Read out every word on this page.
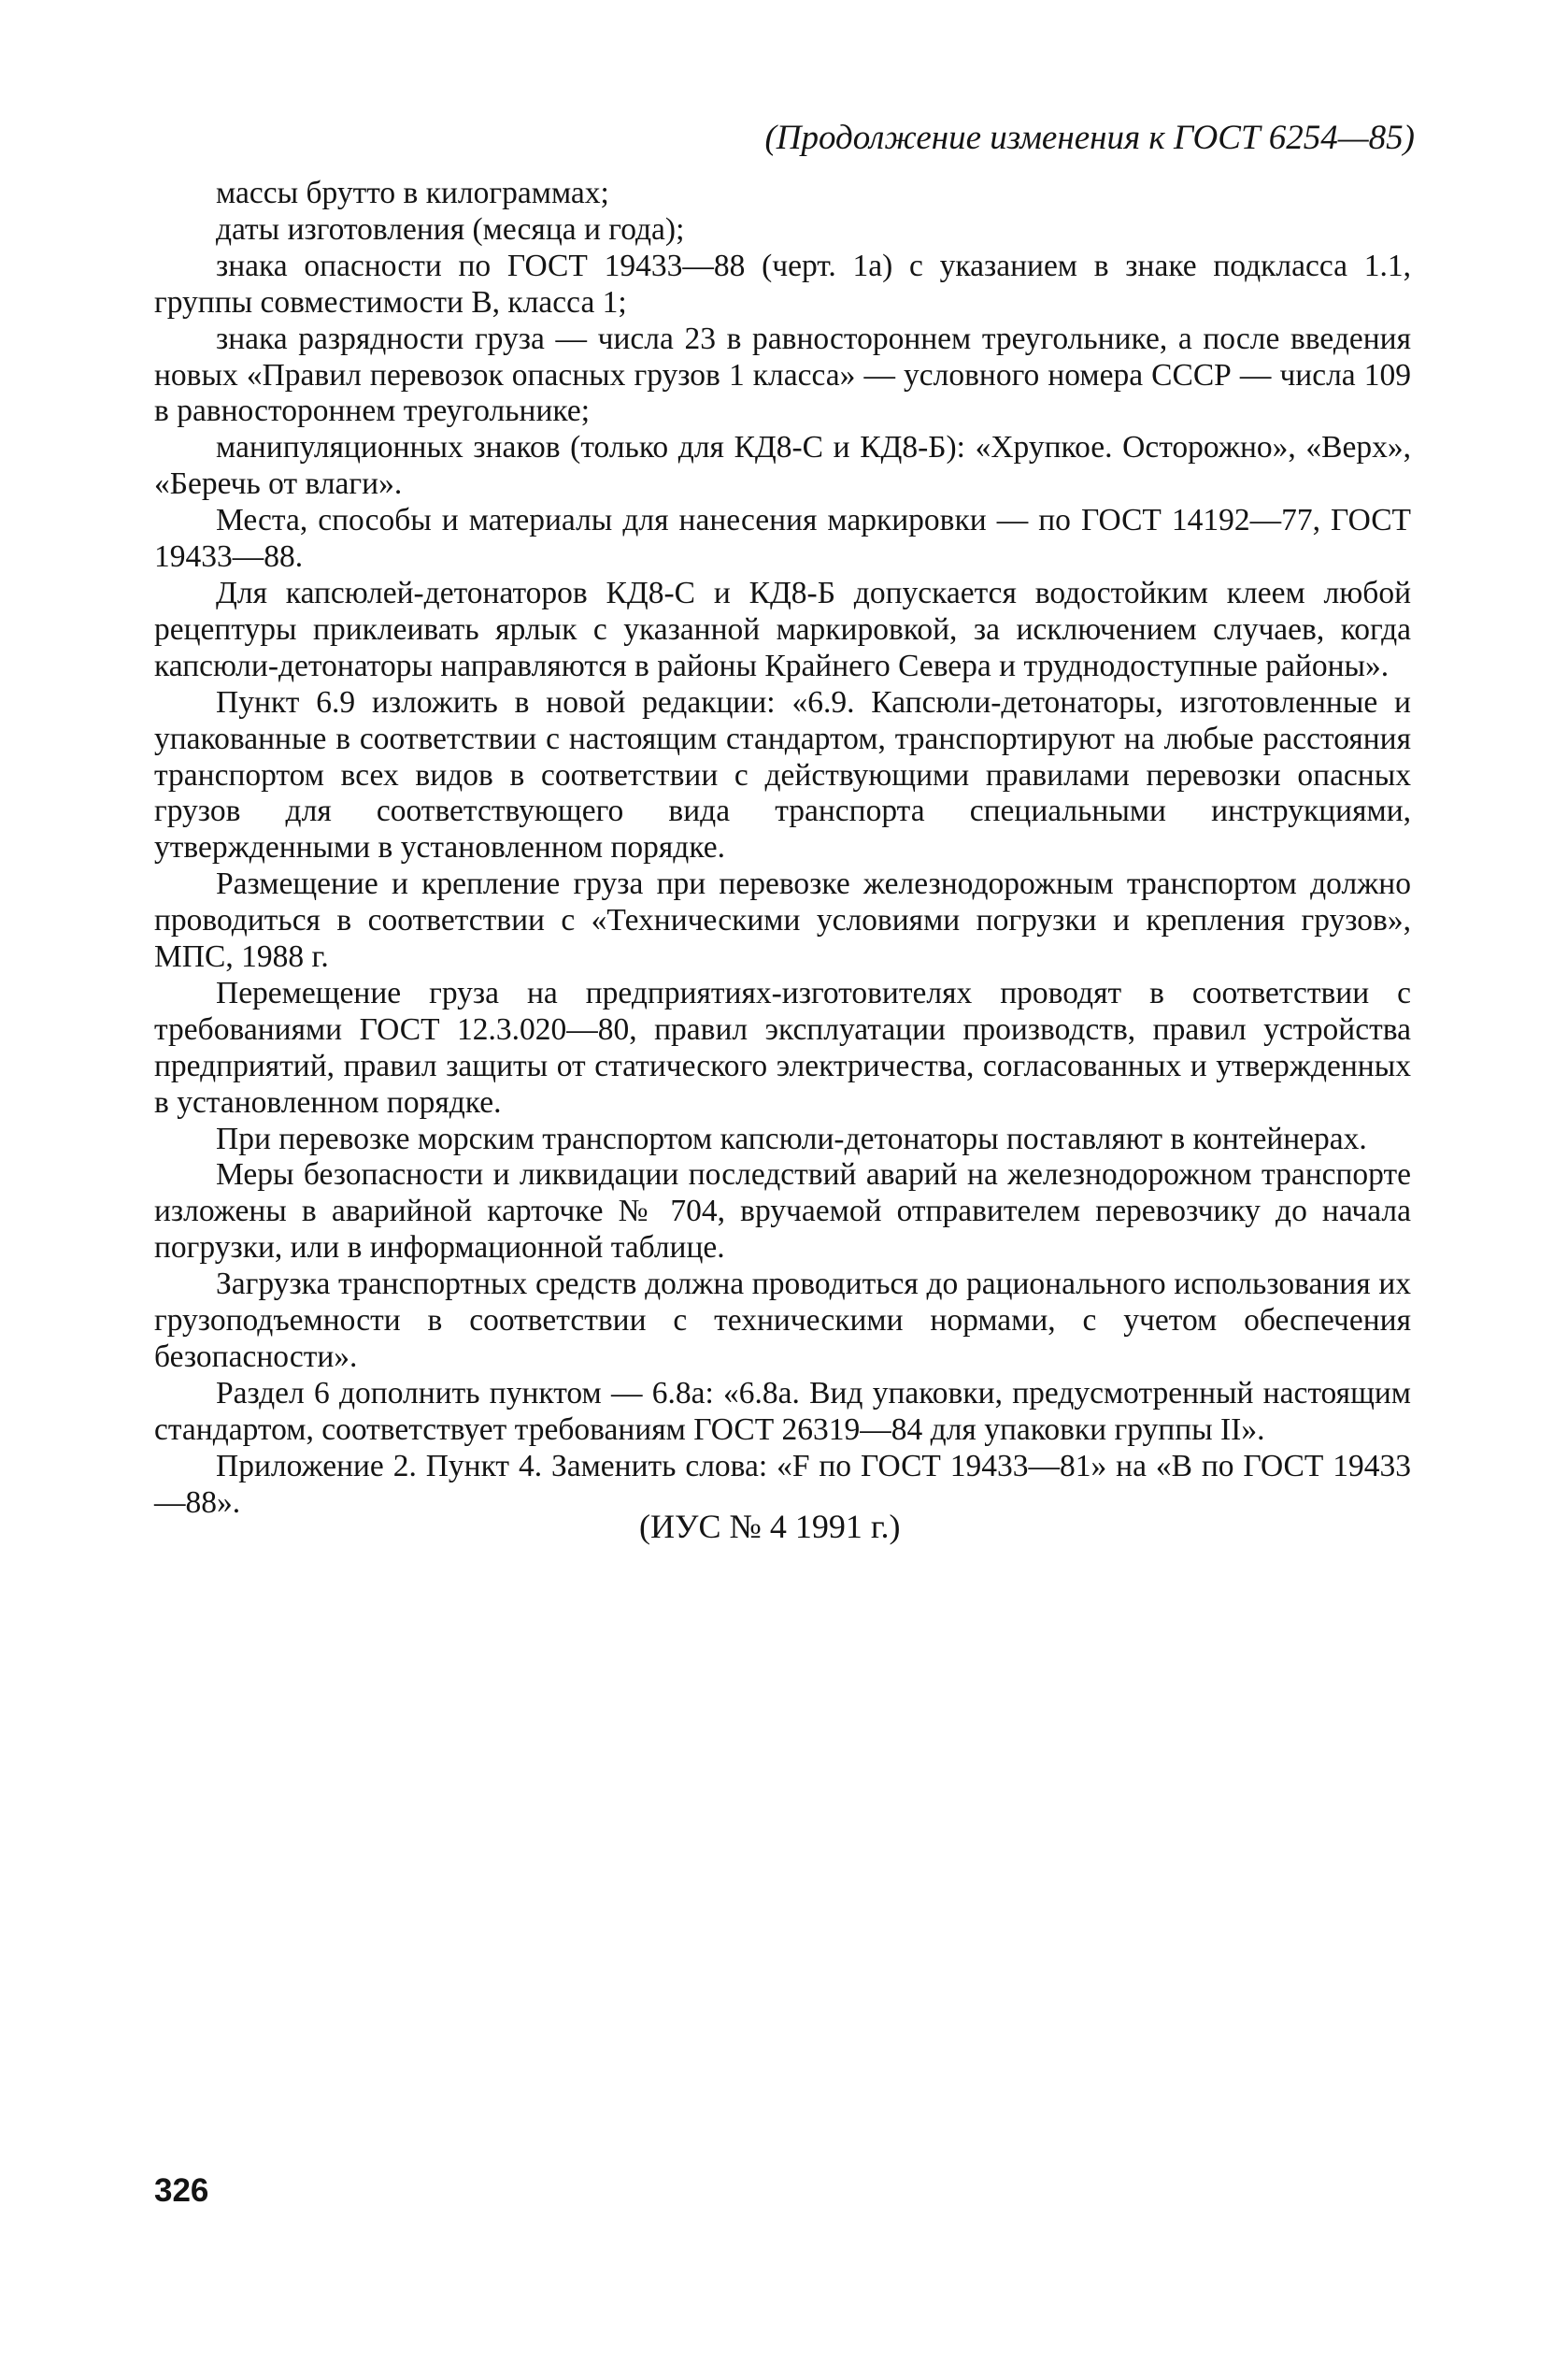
(Продолжение изменения к ГОСТ 6254—85)

массы брутто в килограммах;

даты изготовления (месяца и года);

знака опасности по ГОСТ 19433—88 (черт. 1а) с указанием в знаке подкласса 1.1, группы совместимости В, класса 1;

знака разрядности груза — числа 23 в равностороннем треугольнике, а после введения новых «Правил перевозок опасных грузов 1 класса» — условного номера СССР — числа 109 в равностороннем треугольнике;

манипуляционных знаков (только для КД8-С и КД8-Б): «Хрупкое. Осторожно», «Верх», «Беречь от влаги».

Места, способы и материалы для нанесения маркировки — по ГОСТ 14192—77, ГОСТ 19433—88.

Для капсюлей-детонаторов КД8-С и КД8-Б допускается водостойким клеем любой рецептуры приклеивать ярлык с указанной маркировкой, за исключением случаев, когда капсюли-детонаторы направляются в районы Крайнего Севера и труднодоступные районы».

Пункт 6.9 изложить в новой редакции: «6.9. Капсюли-детонаторы, изготовленные и упакованные в соответствии с настоящим стандартом, транспортируют на любые расстояния транспортом всех видов в соответствии с действующими правилами перевозки опасных грузов для соответствующего вида транспорта специальными инструкциями, утвержденными в установленном порядке.

Размещение и крепление груза при перевозке железнодорожным транспортом должно проводиться в соответствии с «Техническими условиями погрузки и крепления грузов», МПС, 1988 г.

Перемещение груза на предприятиях-изготовителях проводят в соответствии с требованиями ГОСТ 12.3.020—80, правил эксплуатации производств, правил устройства предприятий, правил защиты от статического электричества, согласованных и утвержденных в установленном порядке.

При перевозке морским транспортом капсюли-детонаторы поставляют в контейнерах.

Меры безопасности и ликвидации последствий аварий на железнодорожном транспорте изложены в аварийной карточке № 704, вручаемой отправителем перевозчику до начала погрузки, или в информационной таблице.

Загрузка транспортных средств должна проводиться до рационального использования их грузоподъемности в соответствии с техническими нормами, с учетом обеспечения безопасности».

Раздел 6 дополнить пунктом — 6.8а: «6.8а. Вид упаковки, предусмотренный настоящим стандартом, соответствует требованиям ГОСТ 26319—84 для упаковки группы II».

Приложение 2. Пункт 4. Заменить слова: «F по ГОСТ 19433—81» на «В по ГОСТ 19433—88».

(ИУС № 4 1991 г.)
326
